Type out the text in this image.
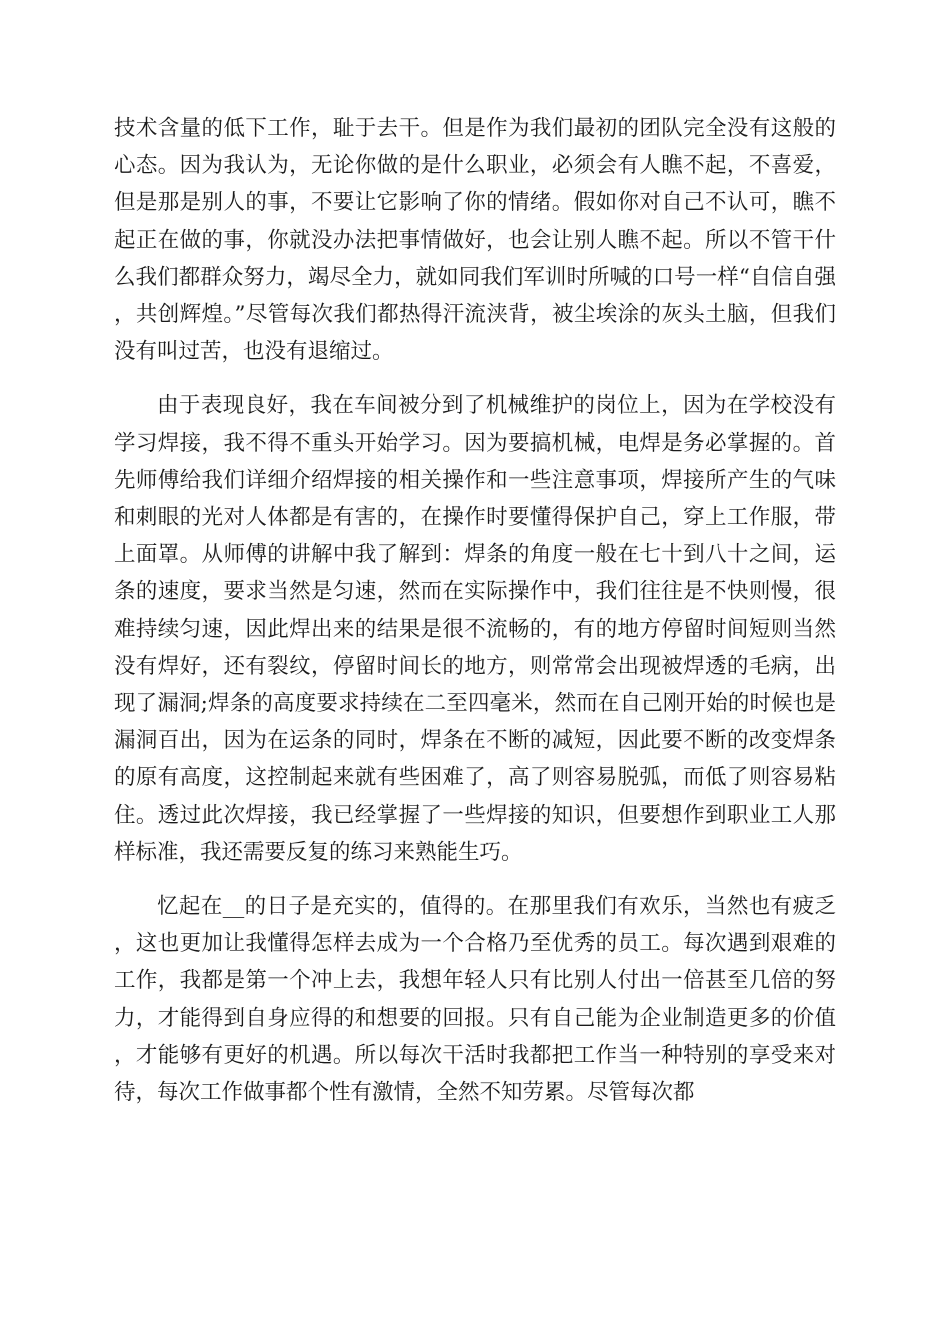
技术含量的低下工作，耻于去干。但是作为我们最初的团队完全没有这般的心态。因为我认为，无论你做的是什么职业，必须会有人瞧不起，不喜爱，但是那是别人的事，不要让它影响了你的情绪。假如你对自己不认可，瞧不起正在做的事，你就没办法把事情做好，也会让别人瞧不起。所以不管干什么我们都群众努力，竭尽全力，就如同我们军训时所喊的口号一样“自信自强，共创辉煌。”尽管每次我们都热得汗流浃背，被尘埃涂的灰头土脑，但我们没有叫过苦，也没有退缩过。

由于表现良好，我在车间被分到了机械维护的岗位上，因为在学校没有学习焊接，我不得不重头开始学习。因为要搞机械，电焊是务必掌握的。首先师傅给我们详细介绍焊接的相关操作和一些注意事项，焊接所产生的气味和刺眼的光对人体都是有害的，在操作时要懂得保护自己，穿上工作服，带上面罩。从师傅的讲解中我了解到：焊条的角度一般在七十到八十之间，运条的速度，要求当然是匀速，然而在实际操作中，我们往往是不快则慢，很难持续匀速，因此焊出来的结果是很不流畅的，有的地方停留时间短则当然没有焊好，还有裂纹，停留时间长的地方，则常常会出现被焊透的毛病，出现了漏洞;焊条的高度要求持续在二至四毫米，然而在自己刚开始的时候也是漏洞百出，因为在运条的同时，焊条在不断的减短，因此要不断的改变焊条的原有高度，这控制起来就有些困难了，高了则容易脱弧，而低了则容易粘住。透过此次焊接，我已经掌握了一些焊接的知识，但要想作到职业工人那样标准，我还需要反复的练习来熟能生巧。

忆起在__的日子是充实的，值得的。在那里我们有欢乐，当然也有疲乏，这也更加让我懂得怎样去成为一个合格乃至优秀的员工。每次遇到艰难的工作，我都是第一个冲上去，我想年轻人只有比别人付出一倍甚至几倍的努力，才能得到自身应得的和想要的回报。只有自己能为企业制造更多的价值，才能够有更好的机遇。所以每次干活时我都把工作当一种特别的享受来对待，每次工作做事都个性有激情，全然不知劳累。尽管每次都
